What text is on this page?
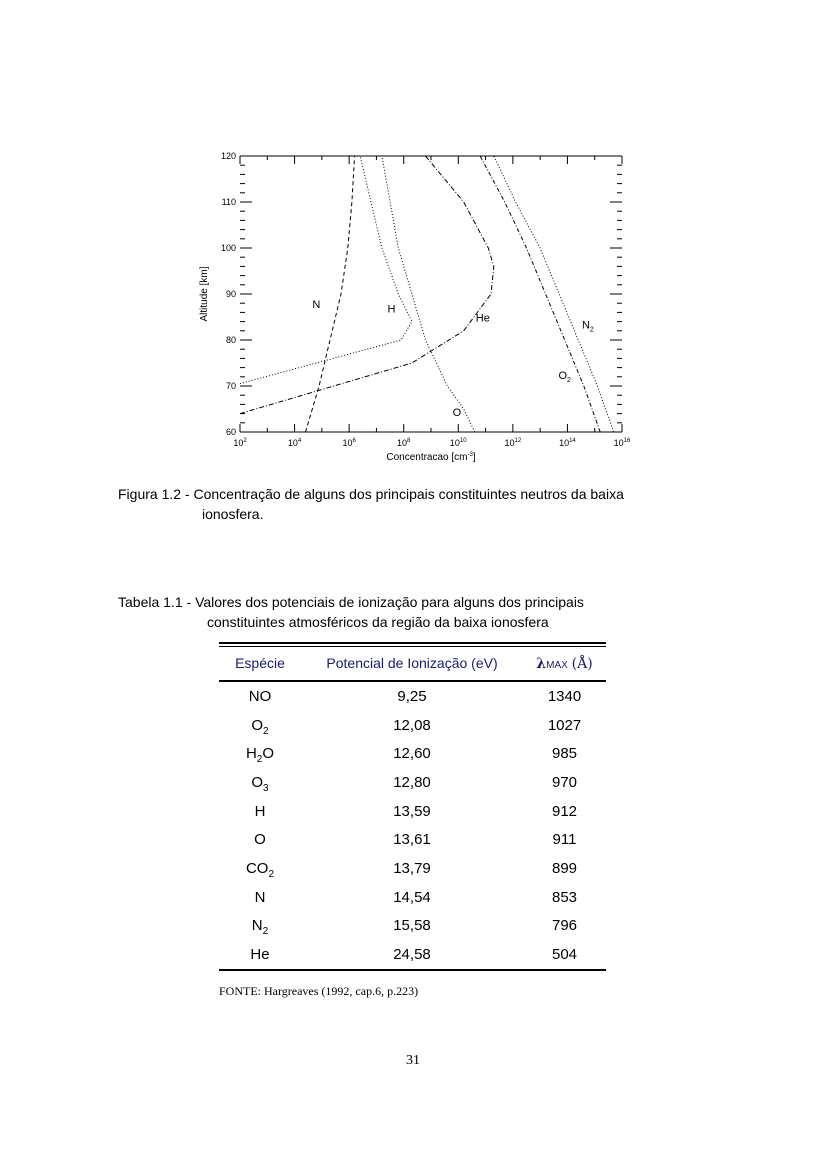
60
70
80
90
100
110
120
$10^2$	$10^4$	$10^6$	$10^8$	$10^{10}$	$10^{12}$	$10^{14}$	$10^{16}$
Concentracao $[cm^{-3}]$
Altitude [km]	N	H
He
O
$O_2$
$N_2$
Figura 1.2 - Concentração de alguns dos principais constituintes neutros da baixa
ionosfera.
Tabela 1.1 - Valores dos potenciais de ionização para alguns dos principais
constituintes atmosféricos da região da baixa ionosfera
Espécie	Potencial de Ionização (eV)	λMAX (Å)

NO	9,25	1340
$O_2$	12,08	1027
$H_2O$	12,60	985
$O_3$	12,80	970
H	13,59	912
O	13,61	911
$CO_2$	13,79	899
N	14,54	853
$N_2$	15,58	796
He	24,58	504
FONTE: Hargreaves (1992, cap.6, p.223)
31
